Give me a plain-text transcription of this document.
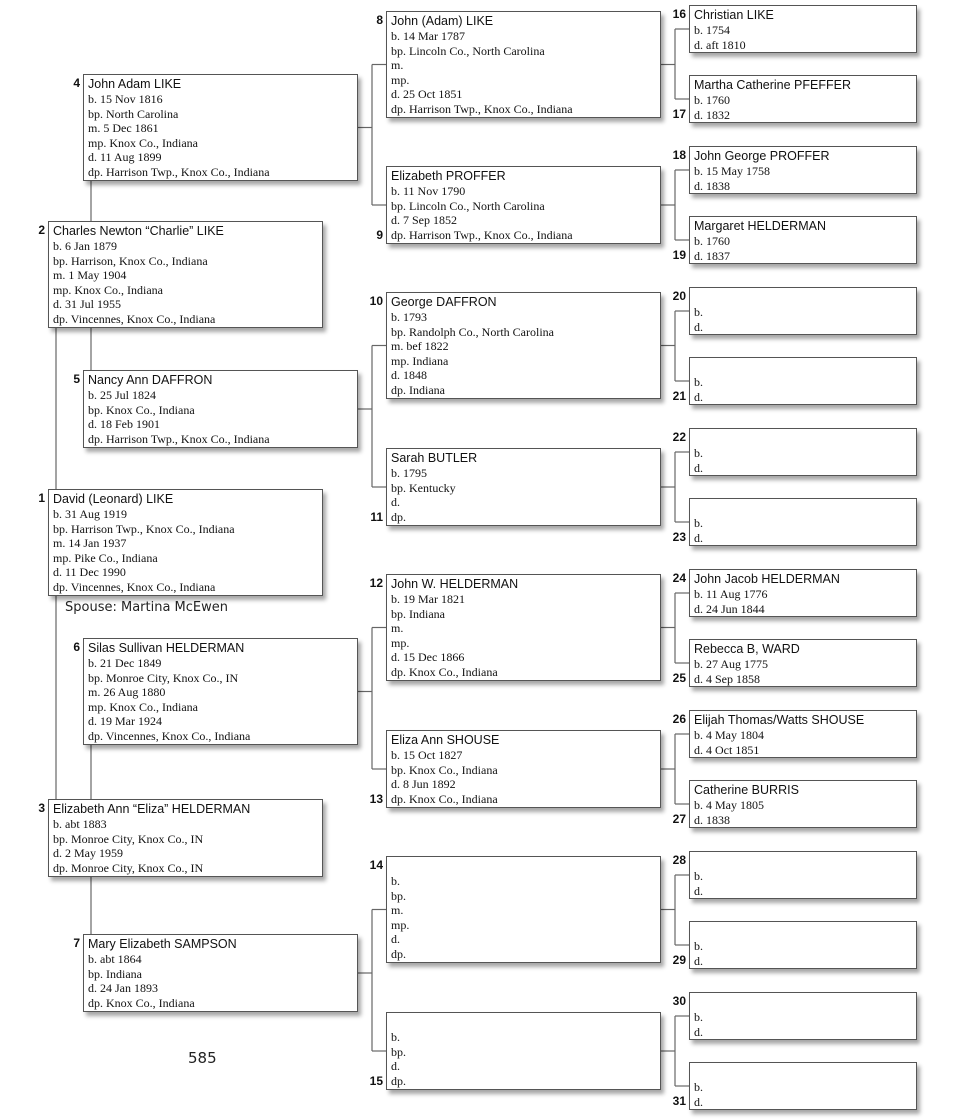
David (Leonard) LIKE
b. 31 Aug 1919
bp. Harrison Twp., Knox Co., Indiana
m. 14 Jan 1937
mp. Pike Co., Indiana
d. 11 Dec 1990
dp. Vincennes, Knox Co., Indiana
1
Charles Newton “Charlie” LIKE
b. 6 Jan 1879
bp. Harrison, Knox Co., Indiana
m. 1 May 1904
mp. Knox Co., Indiana
d. 31 Jul 1955
dp. Vincennes, Knox Co., Indiana
2
Elizabeth Ann “Eliza” HELDERMAN
b. abt 1883
bp. Monroe City, Knox Co., IN
d. 2 May 1959
dp. Monroe City, Knox Co., IN
3
John Adam LIKE
b. 15 Nov 1816
bp. North Carolina
m. 5 Dec 1861
mp. Knox Co., Indiana
d. 11 Aug 1899
dp. Harrison Twp., Knox Co., Indiana
4
Nancy Ann DAFFRON
b. 25 Jul 1824
bp. Knox Co., Indiana
d. 18 Feb 1901
dp. Harrison Twp., Knox Co., Indiana
5
Silas Sullivan HELDERMAN
b. 21 Dec 1849
bp. Monroe City, Knox Co., IN
m. 26 Aug 1880
mp. Knox Co., Indiana
d. 19 Mar 1924
dp. Vincennes, Knox Co., Indiana
6
Mary Elizabeth SAMPSON
b. abt 1864
bp. Indiana
d. 24 Jan 1893
dp. Knox Co., Indiana
7
John (Adam) LIKE
b. 14 Mar 1787
bp. Lincoln Co., North Carolina
m.
mp.
d. 25 Oct 1851
dp. Harrison Twp., Knox Co., Indiana
8
Elizabeth PROFFER
b. 11 Nov 1790
bp. Lincoln Co., North Carolina
d. 7 Sep 1852
dp. Harrison Twp., Knox Co., Indiana
9
George DAFFRON
b. 1793
bp. Randolph Co., North Carolina
m. bef 1822
mp. Indiana
d. 1848
dp. Indiana
10
Sarah BUTLER
b. 1795
bp. Kentucky
d.
dp.
11
John W. HELDERMAN
b. 19 Mar 1821
bp. Indiana
m.
mp.
d. 15 Dec 1866
dp. Knox Co., Indiana
12
Eliza Ann SHOUSE
b. 15 Oct 1827
bp. Knox Co., Indiana
d. 8 Jun 1892
dp. Knox Co., Indiana
13
b.
bp.
m.
mp.
d.
dp.
14
b.
bp.
d.
dp.
15
Christian LIKE
b. 1754
d. aft 1810
16
Martha Catherine PFEFFER
b. 1760
d. 1832
17
John George PROFFER
b. 15 May 1758
d. 1838
18
Margaret HELDERMAN
b. 1760
d. 1837
19
b.
d.
20
b.
d.
21
b.
d.
22
b.
d.
23
John Jacob HELDERMAN
b. 11 Aug 1776
d. 24 Jun 1844
24
Rebecca B, WARD
b. 27 Aug 1775
d. 4 Sep 1858
25
Elijah Thomas/Watts SHOUSE
b. 4 May 1804
d. 4 Oct 1851
26
Catherine BURRIS
b. 4 May 1805
d. 1838
27
b.
d.
28
b.
d.
29
b.
d.
30
b.
d.
31
Spouse: Martina McEwen
585
